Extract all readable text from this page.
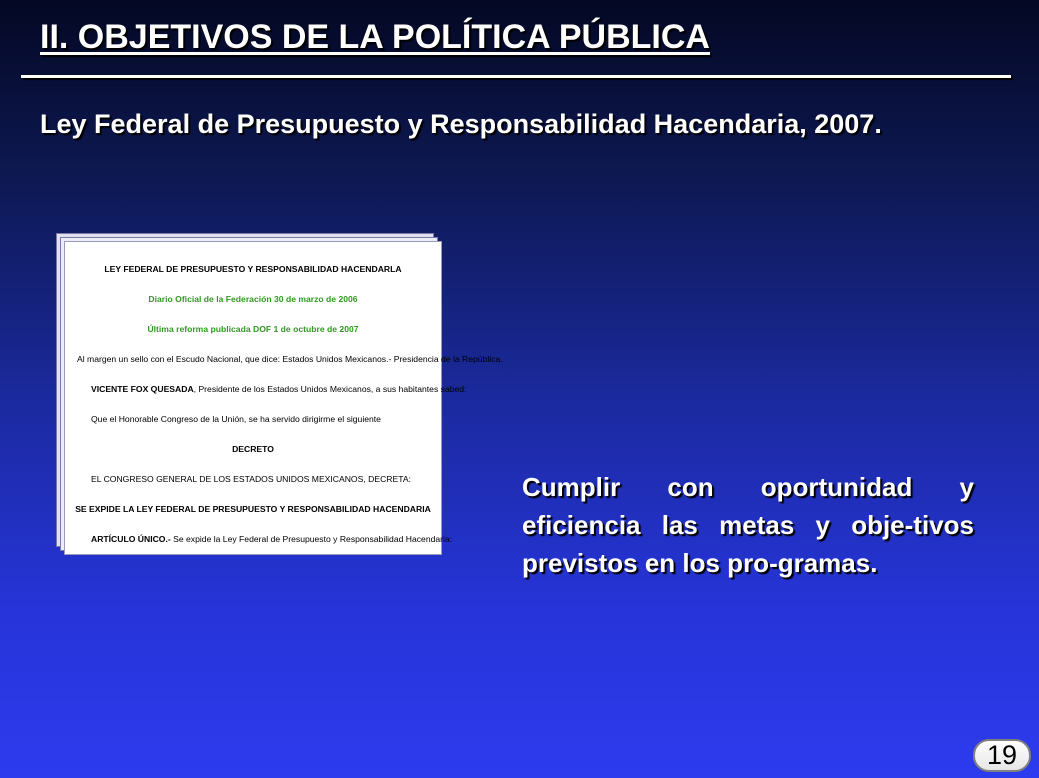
II. OBJETIVOS DE LA POLÍTICA PÚBLICA

Ley Federal de Presupuesto y Responsabilidad Hacendaria, 2007.

LEY FEDERAL DE PRESUPUESTO Y RESPONSABILIDAD HACENDARLA
Diario Oficial de la Federación 30 de marzo de 2006
Última reforma publicada DOF 1 de octubre de 2007
Al margen un sello con el Escudo Nacional, que dice: Estados Unidos Mexicanos.- Presidencia de la República.
VICENTE FOX QUESADA, Presidente de los Estados Unidos Mexicanos, a sus habitantes sabed:
Que el Honorable Congreso de la Unión, se ha servido dirigirme el siguiente
DECRETO
EL CONGRESO GENERAL DE LOS ESTADOS UNIDOS MEXICANOS, DECRETA:
SE EXPIDE LA LEY FEDERAL DE PRESUPUESTO Y RESPONSABILIDAD HACENDARIA
ARTÍCULO ÚNICO.- Se expide la Ley Federal de Presupuesto y Responsabilidad Hacendaria:

Cumplir con oportunidad y eficiencia las metas y obje-tivos previstos en los pro-gramas.

19
